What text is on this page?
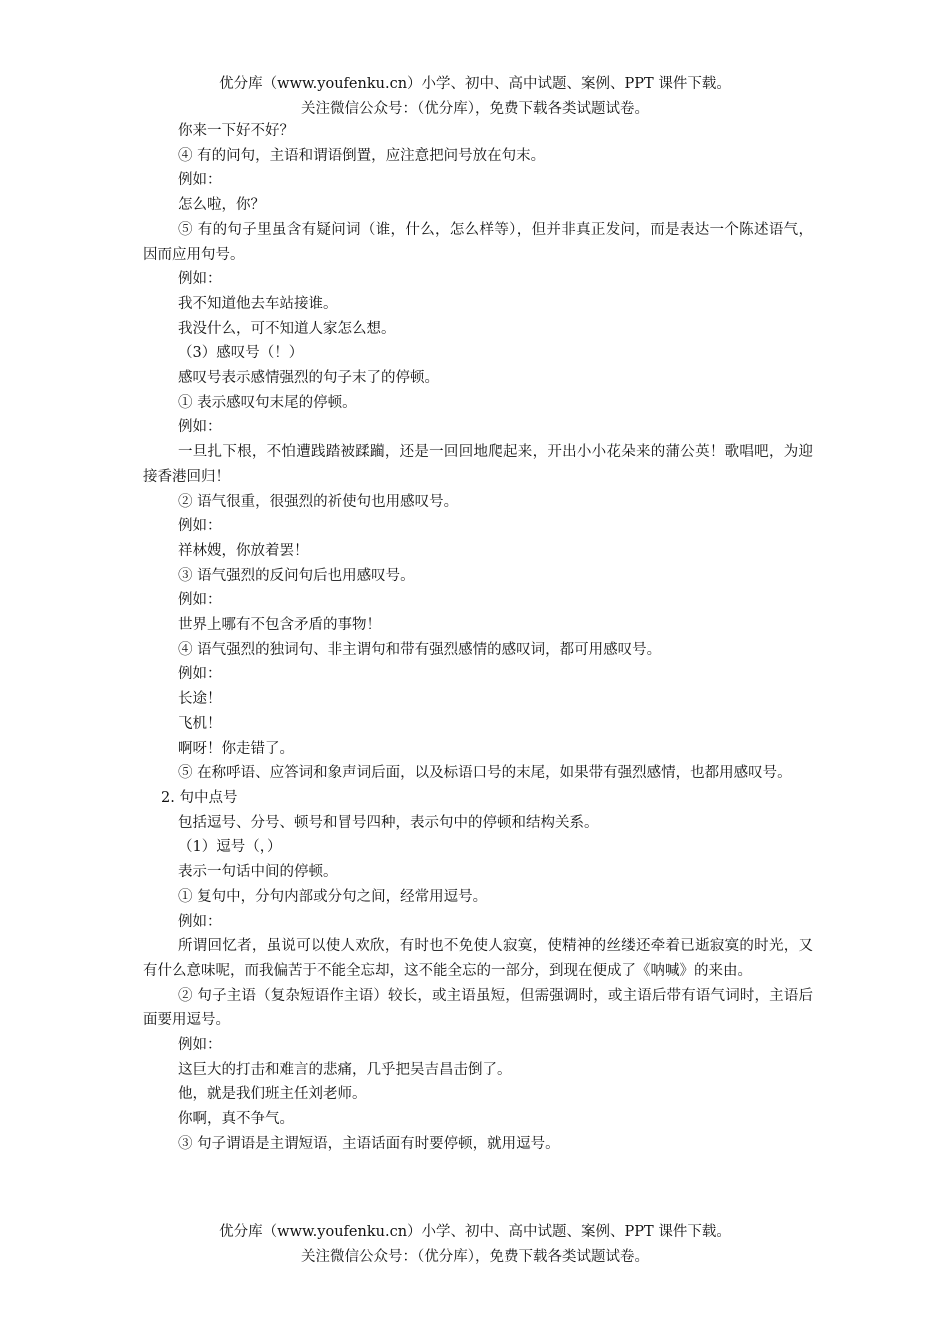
优分库（www.youfenku.cn）小学、初中、高中试题、案例、PPT 课件下载。
关注微信公众号：（优分库），免费下载各类试题试卷。

你来一下好不好？

④ 有的问句，主语和谓语倒置，应注意把问号放在句末。

例如：

怎么啦，你？

⑤ 有的句子里虽含有疑问词（谁，什么，怎么样等），但并非真正发问，而是表达一个陈述语气，因而应用句号。

例如：

我不知道他去车站接谁。

我没什么，可不知道人家怎么想。

（3）感叹号（！）

感叹号表示感情强烈的句子末了的停顿。

① 表示感叹句末尾的停顿。

例如：

一旦扎下根，不怕遭践踏被蹂躏，还是一回回地爬起来，开出小小花朵来的蒲公英！歌唱吧，为迎接香港回归！

② 语气很重，很强烈的祈使句也用感叹号。

例如：

祥林嫂，你放着罢！

③ 语气强烈的反问句后也用感叹号。

例如：

世界上哪有不包含矛盾的事物！

④ 语气强烈的独词句、非主谓句和带有强烈感情的感叹词，都可用感叹号。

例如：

长途！

飞机！

啊呀！你走错了。

⑤ 在称呼语、应答词和象声词后面，以及标语口号的末尾，如果带有强烈感情，也都用感叹号。

2. 句中点号

包括逗号、分号、顿号和冒号四种，表示句中的停顿和结构关系。

（1）逗号（，）

表示一句话中间的停顿。

① 复句中，分句内部或分句之间，经常用逗号。

例如：

所谓回忆者，虽说可以使人欢欣，有时也不免使人寂寞，使精神的丝缕还牵着已逝寂寞的时光，又有什么意味呢，而我偏苦于不能全忘却，这不能全忘的一部分，到现在便成了《呐喊》的来由。

② 句子主语（复杂短语作主语）较长，或主语虽短，但需强调时，或主语后带有语气词时，主语后面要用逗号。

例如：

这巨大的打击和难言的悲痛，几乎把吴吉昌击倒了。

他，就是我们班主任刘老师。

你啊，真不争气。

③ 句子谓语是主谓短语，主语话面有时要停顿，就用逗号。

优分库（www.youfenku.cn）小学、初中、高中试题、案例、PPT 课件下载。
关注微信公众号：（优分库），免费下载各类试题试卷。
